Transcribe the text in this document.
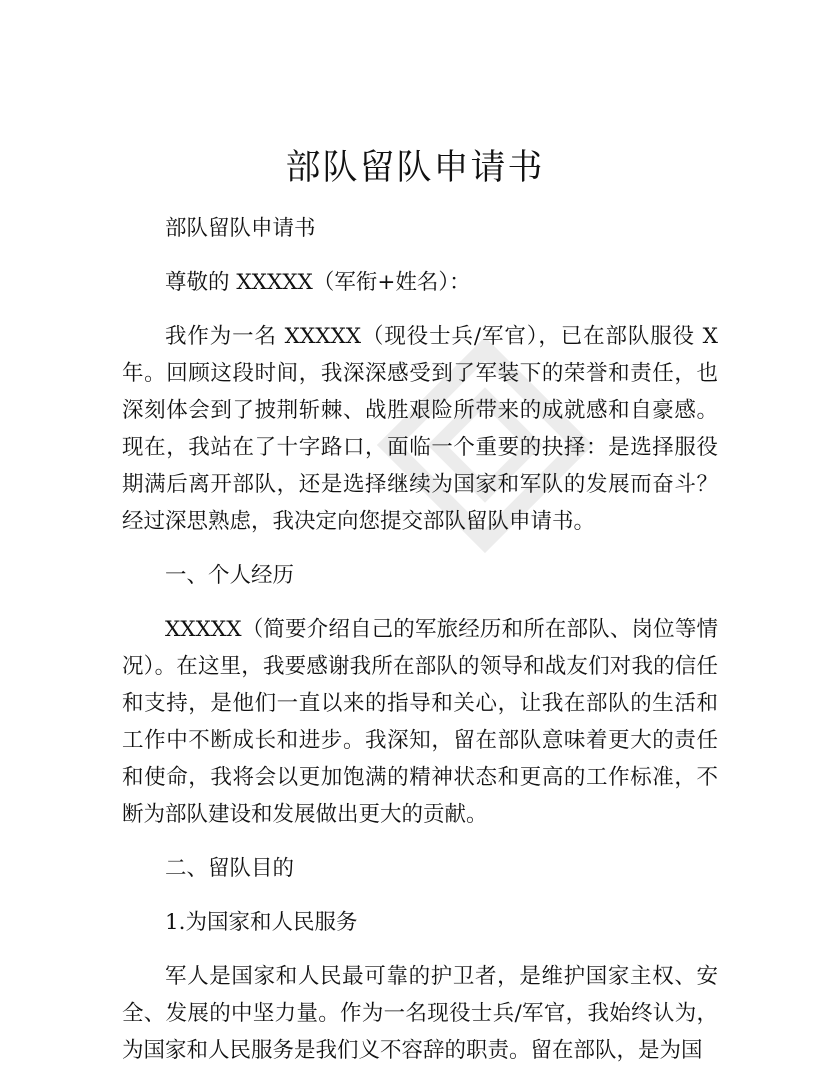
部队留队申请书

部队留队申请书

尊敬的 XXXXX（军衔+姓名）：

我作为一名 XXXXX（现役士兵/军官），已在部队服役 X 年。回顾这段时间，我深深感受到了军装下的荣誉和责任，也深刻体会到了披荆斩棘、战胜艰险所带来的成就感和自豪感。现在，我站在了十字路口，面临一个重要的抉择：是选择服役期满后离开部队，还是选择继续为国家和军队的发展而奋斗？经过深思熟虑，我决定向您提交部队留队申请书。

一、个人经历

XXXXX（简要介绍自己的军旅经历和所在部队、岗位等情况）。在这里，我要感谢我所在部队的领导和战友们对我的信任和支持，是他们一直以来的指导和关心，让我在部队的生活和工作中不断成长和进步。我深知，留在部队意味着更大的责任和使命，我将会以更加饱满的精神状态和更高的工作标准，不断为部队建设和发展做出更大的贡献。

二、留队目的

1.为国家和人民服务

军人是国家和人民最可靠的护卫者，是维护国家主权、安全、发展的中坚力量。作为一名现役士兵/军官，我始终认为，为国家和人民服务是我们义不容辞的职责。留在部队，是为国
